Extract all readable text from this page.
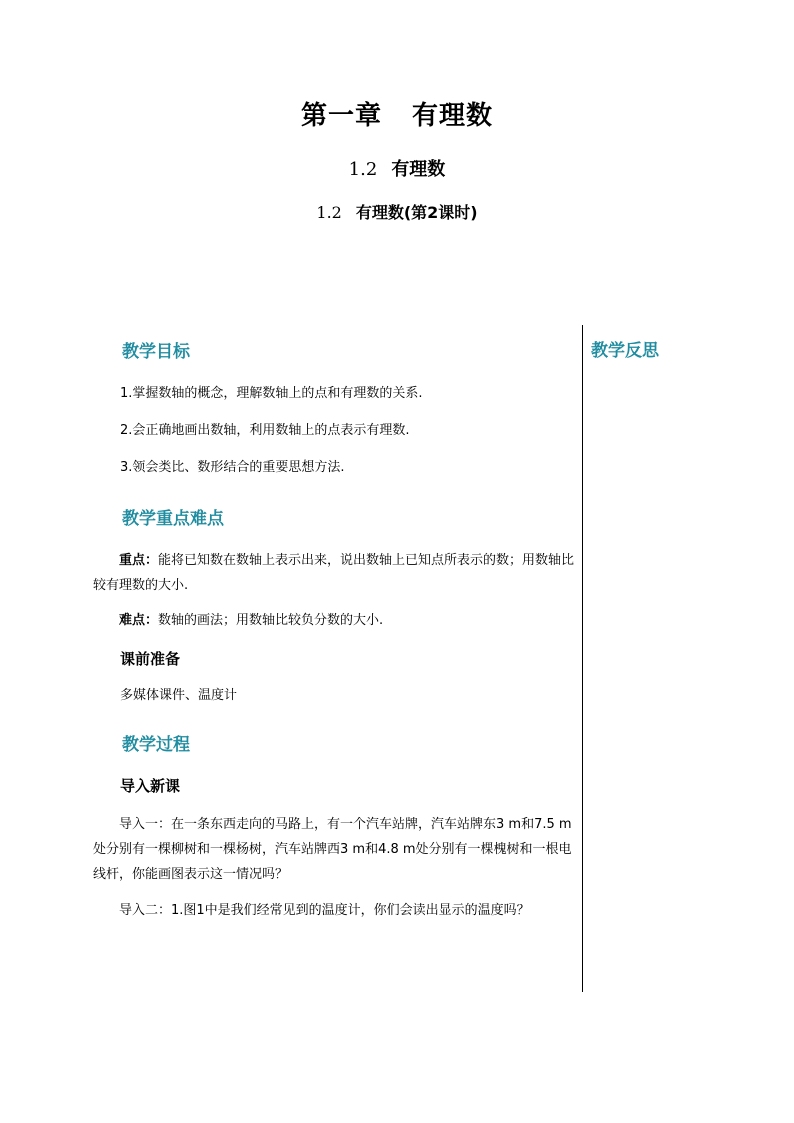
第一章 有理数
1.2 有理数
1.2 有理数(第2课时)
教学反思
教学目标
1.掌握数轴的概念，理解数轴上的点和有理数的关系.
2.会正确地画出数轴，利用数轴上的点表示有理数.
3.领会类比、数形结合的重要思想方法.
教学重点难点
重点：能将已知数在数轴上表示出来，说出数轴上已知点所表示的数；用数轴比较有理数的大小.
难点：数轴的画法；用数轴比较负分数的大小.
课前准备
多媒体课件、温度计
教学过程
导入新课
导入一：在一条东西走向的马路上，有一个汽车站牌，汽车站牌东3 m和7.5 m处分别有一棵柳树和一棵杨树，汽车站牌西3 m和4.8 m处分别有一棵槐树和一根电线杆，你能画图表示这一情况吗？
导入二：1.图1中是我们经常见到的温度计，你们会读出显示的温度吗？
